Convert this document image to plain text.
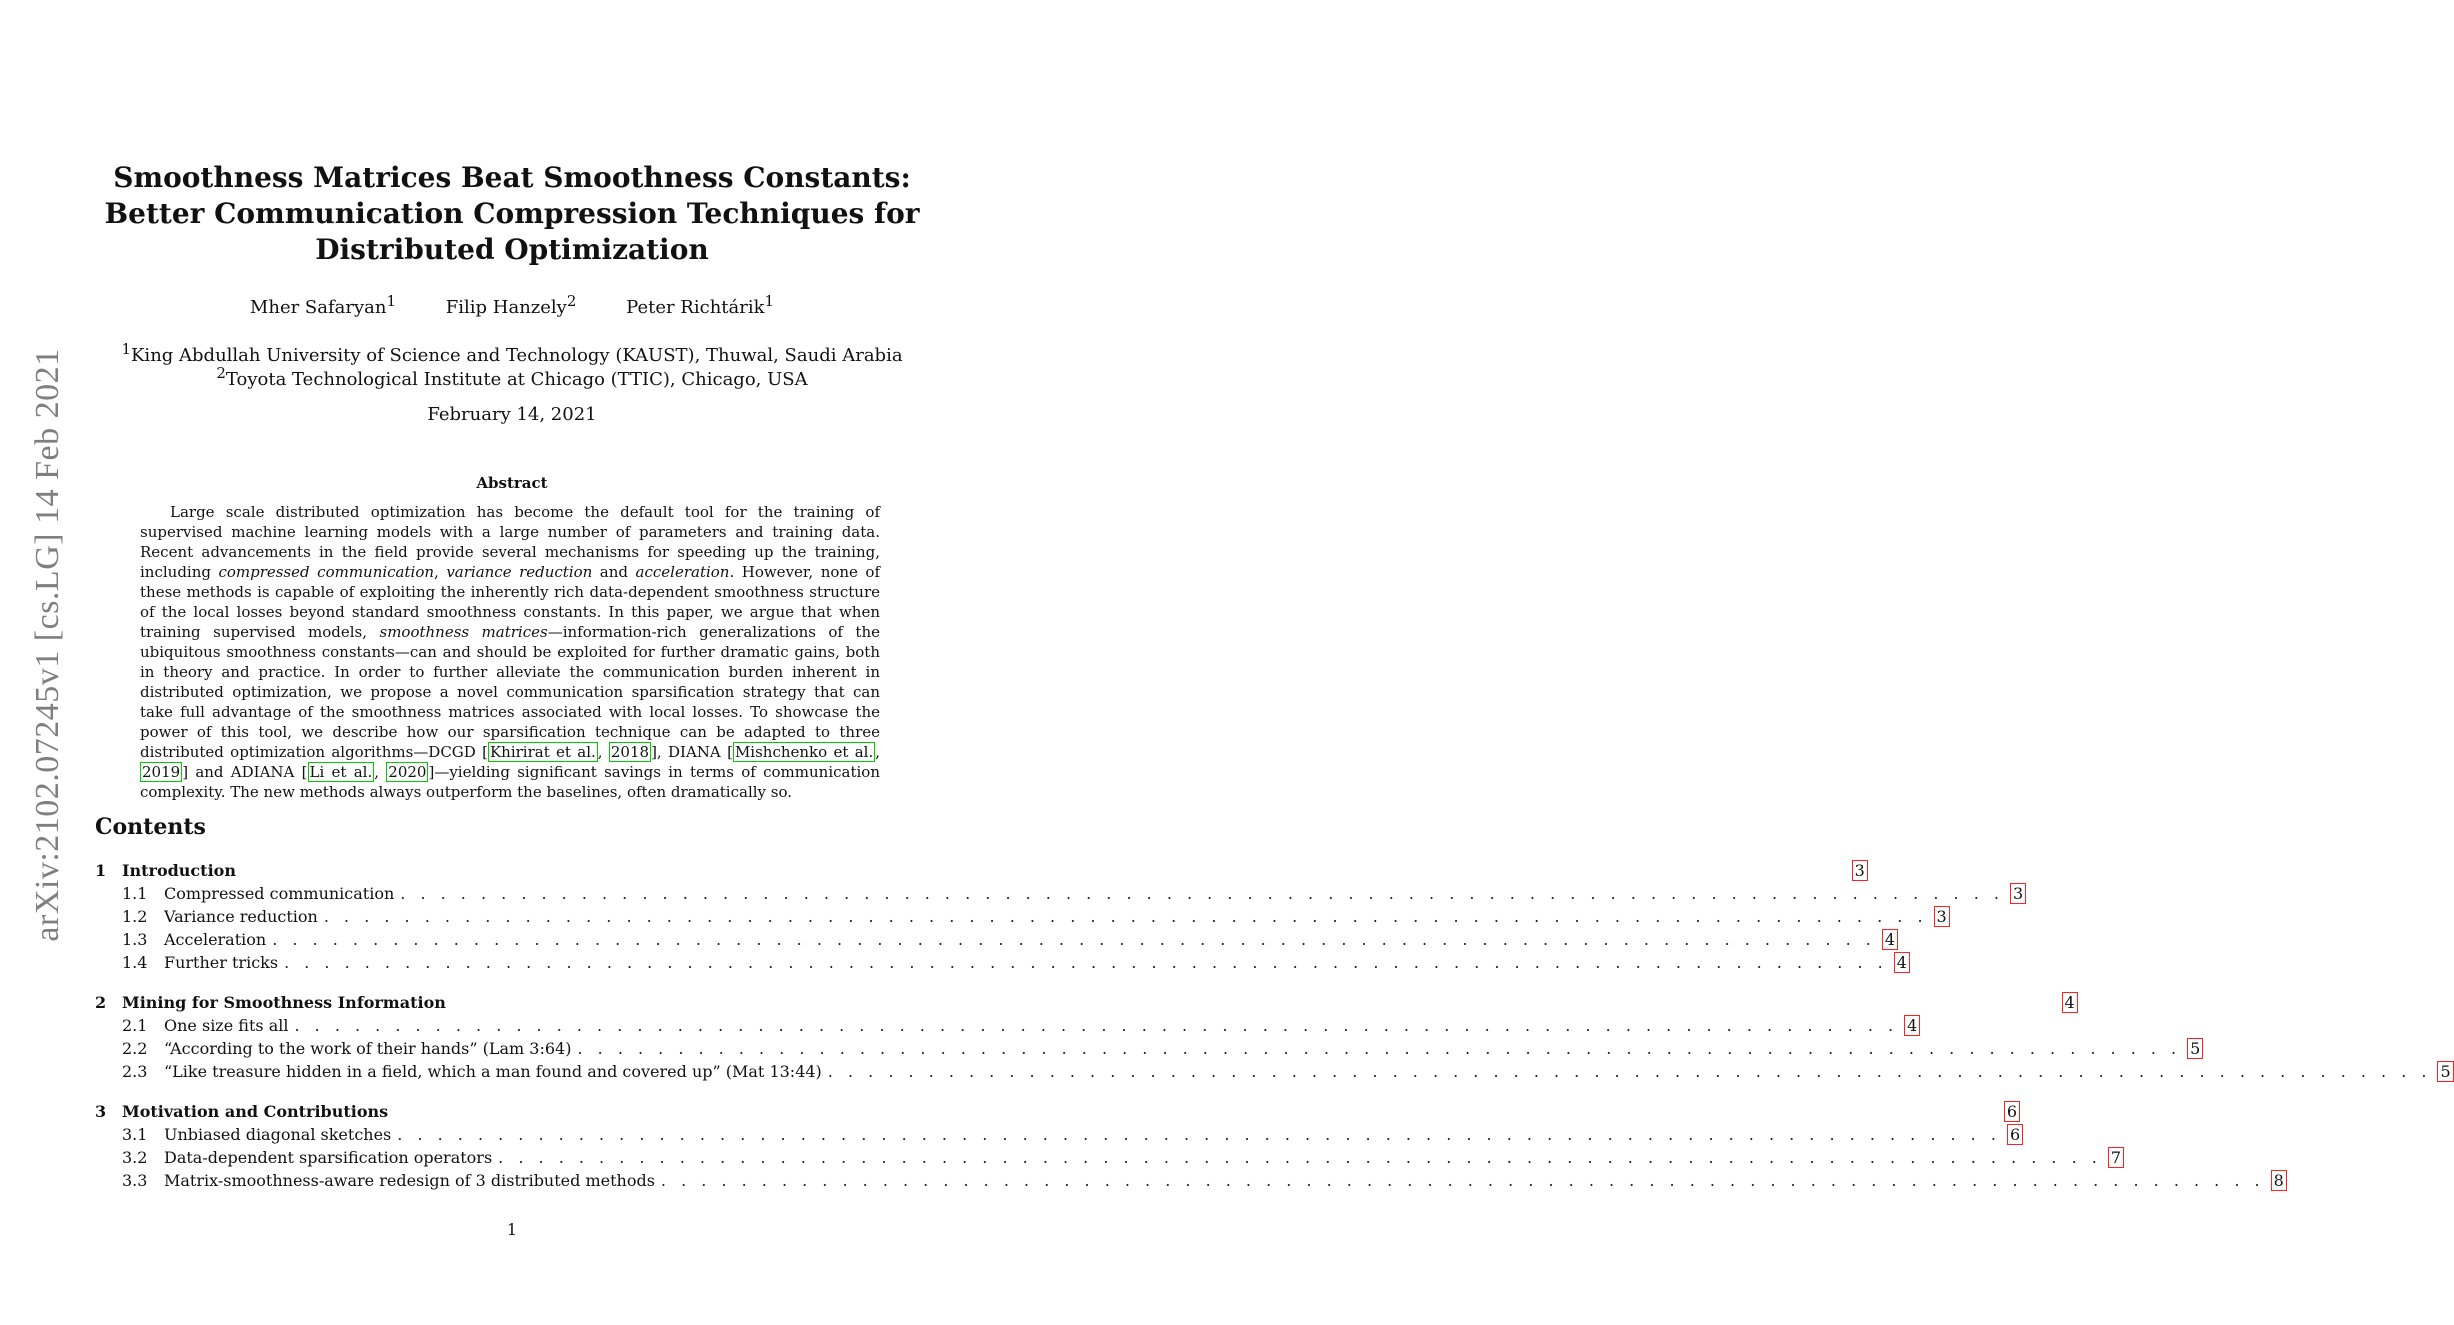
arXiv:2102.07245v1 [cs.LG] 14 Feb 2021
Smoothness Matrices Beat Smoothness Constants:
Better Communication Compression Techniques for
Distributed Optimization
Mher Safaryan$^1$	Filip Hanzely$^2$	Peter Richtárik$^1$
$^1$King Abdullah University of Science and Technology (KAUST), Thuwal, Saudi Arabia
$^2$Toyota Technological Institute at Chicago (TTIC), Chicago, USA
February 14, 2021
Abstract
Large scale distributed optimization has become the default tool for the training of supervised machine learning models with a large number of parameters and training data. Recent advancements in the field provide several mechanisms for speeding up the training, including compressed communication, variance reduction and acceleration. However, none of these methods is capable of exploiting the inherently rich data-dependent smoothness structure of the local losses beyond standard smoothness constants. In this paper, we argue that when training supervised models, smoothness matrices—information-rich generalizations of the ubiquitous smoothness constants—can and should be exploited for further dramatic gains, both in theory and practice. In order to further alleviate the communication burden inherent in distributed optimization, we propose a novel communication sparsification strategy that can take full advantage of the smoothness matrices associated with local losses. To showcase the power of this tool, we describe how our sparsification technique can be adapted to three distributed optimization algorithms—DCGD [ Khirirat et al. , 2018 ], DIANA [ Mishchenko et al. , 2019 ] and ADIANA [ Li et al. , 2020 ]—yielding significant savings in terms of communication complexity. The new methods always outperform the baselines, often dramatically so.
Contents
1 Introduction	3
1.1	Compressed communication . . . . . . . . . . . . . . . . . . . . . . . . . . . . . . . . . . . . . . . . . . . . . . . . . . . . . . . . . . . . . . . . . . . . . . . . . . . . . . . . 3
1.2	Variance reduction . . . . . . . . . . . . . . . . . . . . . . . . . . . . . . . . . . . . . . . . . . . . . . . . . . . . . . . . . . . . . . . . . . . . . . . . . . . . . . . . 3
1.3	Acceleration . . . . . . . . . . . . . . . . . . . . . . . . . . . . . . . . . . . . . . . . . . . . . . . . . . . . . . . . . . . . . . . . . . . . . . . . . . . . . . . . 4
1.4	Further tricks . . . . . . . . . . . . . . . . . . . . . . . . . . . . . . . . . . . . . . . . . . . . . . . . . . . . . . . . . . . . . . . . . . . . . . . . . . . . . . . . 4
2 Mining for Smoothness Information	4
2.1	One size fits all . . . . . . . . . . . . . . . . . . . . . . . . . . . . . . . . . . . . . . . . . . . . . . . . . . . . . . . . . . . . . . . . . . . . . . . . . . . . . . . . 4
2.2	“According to the work of their hands” (Lam 3:64) . . . . . . . . . . . . . . . . . . . . . . . . . . . . . . . . . . . . . . . . . . . . . . . . . . . . . . . . . . . . . . . . . . . . . . . . . . . . . . . . 5
2.3	“Like treasure hidden in a field, which a man found and covered up” (Mat 13:44) . . . . . . . . . . . . . . . . . . . . . . . . . . . . . . . . . . . . . . . . . . . . . . . . . . . . . . . . . . . . . . . . . . . . . . . . . . . . . . . . 5
3 Motivation and Contributions	6
3.1	Unbiased diagonal sketches . . . . . . . . . . . . . . . . . . . . . . . . . . . . . . . . . . . . . . . . . . . . . . . . . . . . . . . . . . . . . . . . . . . . . . . . . . . . . . . . 6
3.2	Data-dependent sparsification operators . . . . . . . . . . . . . . . . . . . . . . . . . . . . . . . . . . . . . . . . . . . . . . . . . . . . . . . . . . . . . . . . . . . . . . . . . . . . . . . . 7
3.3	Matrix-smoothness-aware redesign of 3 distributed methods . . . . . . . . . . . . . . . . . . . . . . . . . . . . . . . . . . . . . . . . . . . . . . . . . . . . . . . . . . . . . . . . . . . . . . . . . . . . . . . . 8
1
